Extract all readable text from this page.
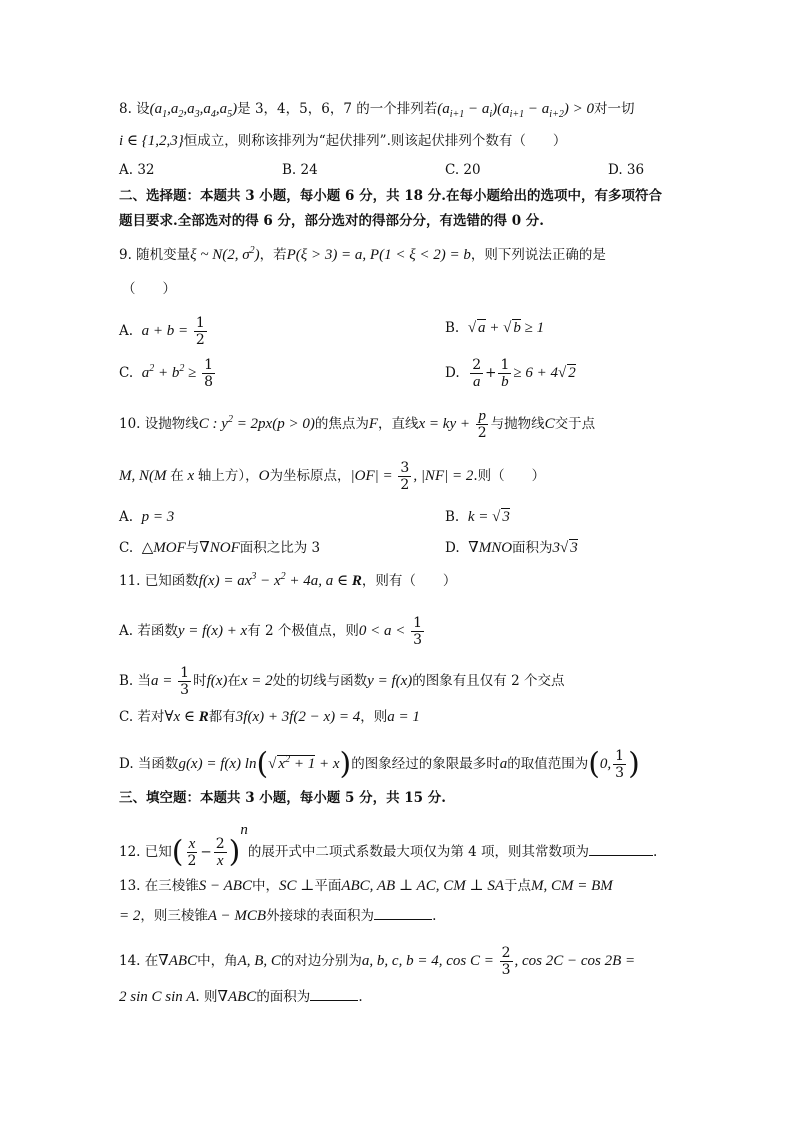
8. 设$(a_1,a_2,a_3,a_4,a_5)$是 3，4，5，6，7 的一个排列若$(a_{i+1} - a_i)(a_{i+1} - a_{i+2}) > 0$对一切
i ∈ {1,2,3}恒成立，则称该排列为“起伏排列”.则该起伏排列个数有（　　）
A. 32	B. 24	C. 20	D. 36
二、选择题：本题共 3 小题，每小题 6 分，共 18 分.在每小题给出的选项中，有多项符合
题目要求.全部选对的得 6 分，部分选对的得部分分，有选错的得 0 分.
9. 随机变量ξ ~ N(2, $\sigma^2$)，若P(ξ > 3) = a, P(1 < ξ < 2) = b，则下列说法正确的是
（　　）
A. $a + b = \frac{1}{2}$	B. √ a + √ b ≥ 1
C. $a^2 + b^2 \ge \frac{1}{8}$	D. $\frac{2}{a} + \frac{1}{b} \ge 6 + 4√$ 2
10. 设抛物线C : $y^2 = 2px(p > 0)$的焦点为F，直线x = ky + $\frac{p}{2}$ 与抛物线C交于点
M, N(M 在 x 轴上方），O为坐标原点，$|OF| = \frac{3}{2}$ , |NF| = 2.则（　　）
A. p = 3	B. k = √ 3
C. △MOF与∇NOF面积之比为 3	D. ∇MNO面积为3√ 3
11. 已知函数$f(x) = ax^3 - x^2 + 4a$, a ∈ R，则有（　　）
A. 若函数y = f(x) + x有 2 个极值点，则$0 < a < \frac{1}{3}$
B. 当$a = \frac{1}{3}$ 时f(x)在x = 2处的切线与函数y = f(x)的图象有且仅有 2 个交点
C. 若对∀x ∈ R都有3f(x) + 3f(2 − x) = 4，则a = 1
D. 当函数g(x) = f(x) ln(√ $x^2 + 1 + x$)的图象经过的象限最多时a的取值范围为(0, $\frac{1}{3}$ )
三、填空题：本题共 3 小题，每小题 5 分，共 15 分.
12. 已知( $\frac{x}{2} - \frac{2}{x} )^n$的展开式中二项式系数最大项仅为第 4 项，则其常数项为	.
13. 在三棱锥S − ABC中，SC ⊥平面ABC, AB ⊥ AC, CM ⊥ SA于点M, CM = BM
= 2，则三棱锥A − MCB外接球的表面积为	.
14. 在∇ABC中，角A, B, C的对边分别为a, b, c, b = 4, $\cos C = \frac{2}{3}$ , cos 2C − cos 2B =
2 sin C sin A. 则∇ABC的面积为	.
